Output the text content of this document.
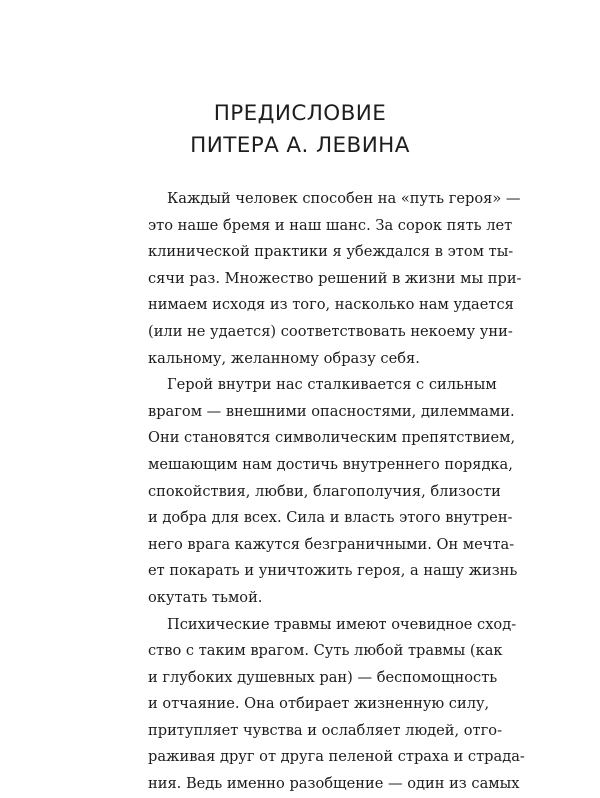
ПРЕДИСЛОВИЕ
ПИТЕРА А. ЛЕВИНА
Каждый человек способен на «путь героя» —
это наше бремя и наш шанс. За сорок пять лет
клинической практики я убеждался в этом ты-
сячи раз. Множество решений в жизни мы при-
нимаем исходя из того, насколько нам удается
(или не удается) соответствовать некоему уни-
кальному, желанному образу себя.
Герой внутри нас сталкивается с сильным
врагом — внешними опасностями, дилеммами.
Они становятся символическим препятствием,
мешающим нам достичь внутреннего порядка,
спокойствия, любви, благополучия, близости
и добра для всех. Сила и власть этого внутрен-
него врага кажутся безграничными. Он мечта-
ет покарать и уничтожить героя, а нашу жизнь
окутать тьмой.
Психические травмы имеют очевидное сход-
ство с таким врагом. Суть любой травмы (как
и глубоких душевных ран) — беспомощность
и отчаяние. Она отбирает жизненную силу,
притупляет чувства и ослабляет людей, отго-
раживая друг от друга пеленой страха и страда-
ния. Ведь именно разобщение — один из самых
